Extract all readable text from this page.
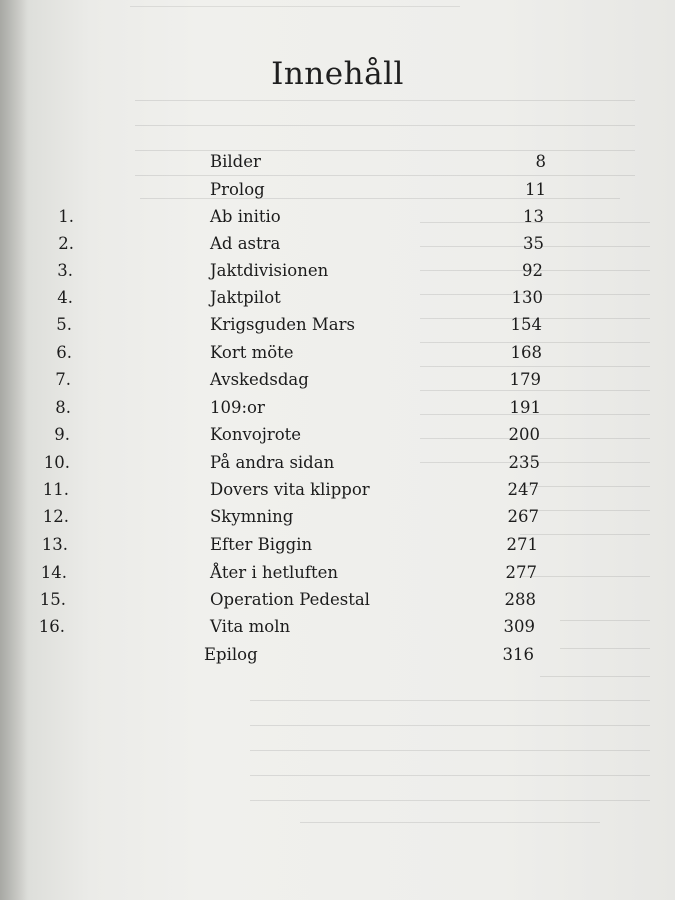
Innehåll
Bilder	8
Prolog	11
1.	Ab initio	13
2.	Ad astra	35
3.	Jaktdivisionen	92
4.	Jaktpilot	130
5.	Krigsguden Mars	154
6.	Kort möte	168
7.	Avskedsdag	179
8.	109:or	191
9.	Konvojrote	200
10.	På andra sidan	235
11.	Dovers vita klippor	247
12.	Skymning	267
13.	Efter Biggin	271
14.	Åter i hetluften	277
15.	Operation Pedestal	288
16.	Vita moln	309
Epilog	316
